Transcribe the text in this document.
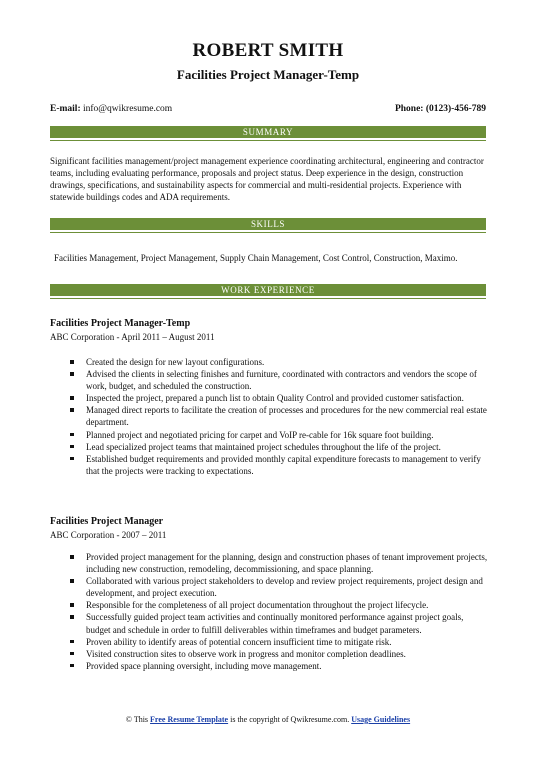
ROBERT SMITH
Facilities Project Manager-Temp
E-mail: info@qwikresume.com	Phone: (0123)-456-789
SUMMARY
Significant facilities management/project management experience coordinating architectural, engineering and contractor teams, including evaluating performance, proposals and project status. Deep experience in the design, construction drawings, specifications, and sustainability aspects for commercial and multi-residential projects. Experience with statewide buildings codes and ADA requirements.
SKILLS
Facilities Management, Project Management, Supply Chain Management, Cost Control, Construction, Maximo.
WORK EXPERIENCE
Facilities Project Manager-Temp
ABC Corporation - April 2011 – August 2011
Created the design for new layout configurations.
Advised the clients in selecting finishes and furniture, coordinated with contractors and vendors the scope of work, budget, and scheduled the construction.
Inspected the project, prepared a punch list to obtain Quality Control and provided customer satisfaction.
Managed direct reports to facilitate the creation of processes and procedures for the new commercial real estate department.
Planned project and negotiated pricing for carpet and VoIP re-cable for 16k square foot building.
Lead specialized project teams that maintained project schedules throughout the life of the project.
Established budget requirements and provided monthly capital expenditure forecasts to management to verify that the projects were tracking to expectations.
Facilities Project Manager
ABC Corporation - 2007 – 2011
Provided project management for the planning, design and construction phases of tenant improvement projects, including new construction, remodeling, decommissioning, and space planning.
Collaborated with various project stakeholders to develop and review project requirements, project design and development, and project execution.
Responsible for the completeness of all project documentation throughout the project lifecycle.
Successfully guided project team activities and continually monitored performance against project goals, budget and schedule in order to fulfill deliverables within timeframes and budget parameters.
Proven ability to identify areas of potential concern insufficient time to mitigate risk.
Visited construction sites to observe work in progress and monitor completion deadlines.
Provided space planning oversight, including move management.
© This Free Resume Template is the copyright of Qwikresume.com. Usage Guidelines
